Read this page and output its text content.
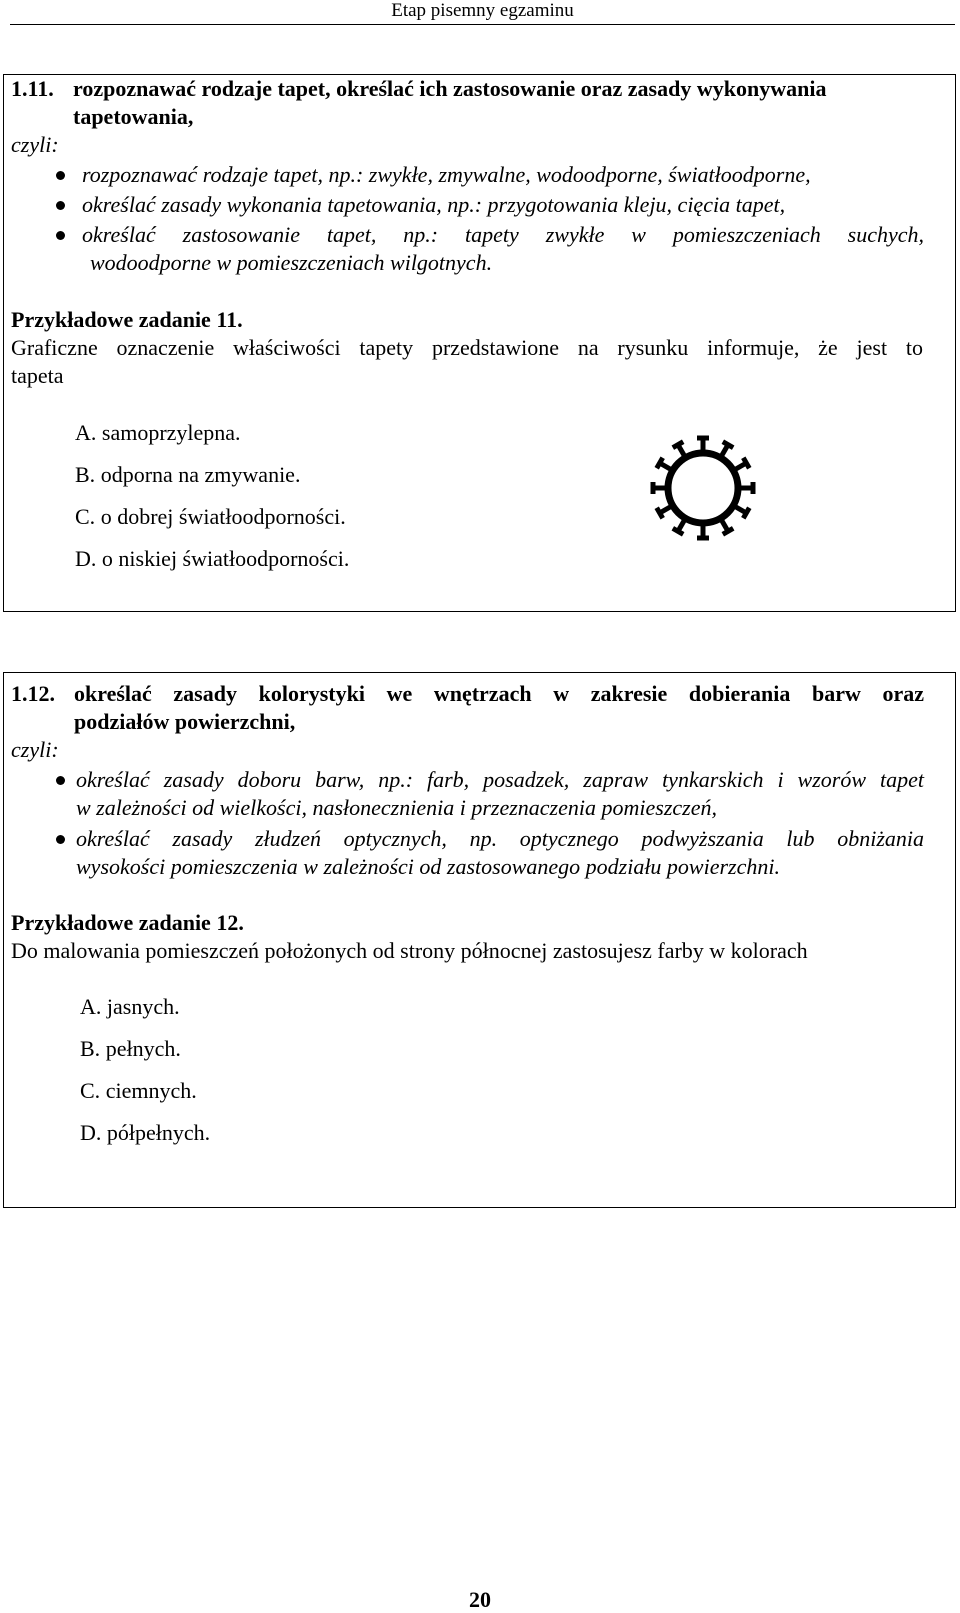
Etap pisemny egzaminu
1.11. rozpoznawać rodzaje tapet, określać ich zastosowanie oraz zasady wykonywania
tapetowania,
czyli:
rozpoznawać rodzaje tapet, np.: zwykłe, zmywalne, wodoodporne, światłoodporne,
określać zasady wykonania tapetowania, np.: przygotowania kleju, cięcia tapet,
określać zastosowanie tapet, np.: tapety zwykłe w pomieszczeniach suchych,
wodoodporne w pomieszczeniach wilgotnych.
Przykładowe zadanie 11.
Graficzne oznaczenie właściwości tapety przedstawione na rysunku informuje, że jest to
tapeta
A. samoprzylepna.
B. odporna na zmywanie.
C. o dobrej światłoodporności.
D. o niskiej światłoodporności.
1.12. określać zasady kolorystyki we wnętrzach w zakresie dobierania barw oraz
podziałów powierzchni,
czyli:
określać zasady doboru barw, np.: farb, posadzek, zapraw tynkarskich i wzorów tapet
w zależności od wielkości, nasłonecznienia i przeznaczenia pomieszczeń,
określać zasady złudzeń optycznych, np. optycznego podwyższania lub obniżania
wysokości pomieszczenia w zależności od zastosowanego podziału powierzchni.
Przykładowe zadanie 12.
Do malowania pomieszczeń położonych od strony północnej zastosujesz farby w kolorach
A. jasnych.
B. pełnych.
C. ciemnych.
D. półpełnych.
20
